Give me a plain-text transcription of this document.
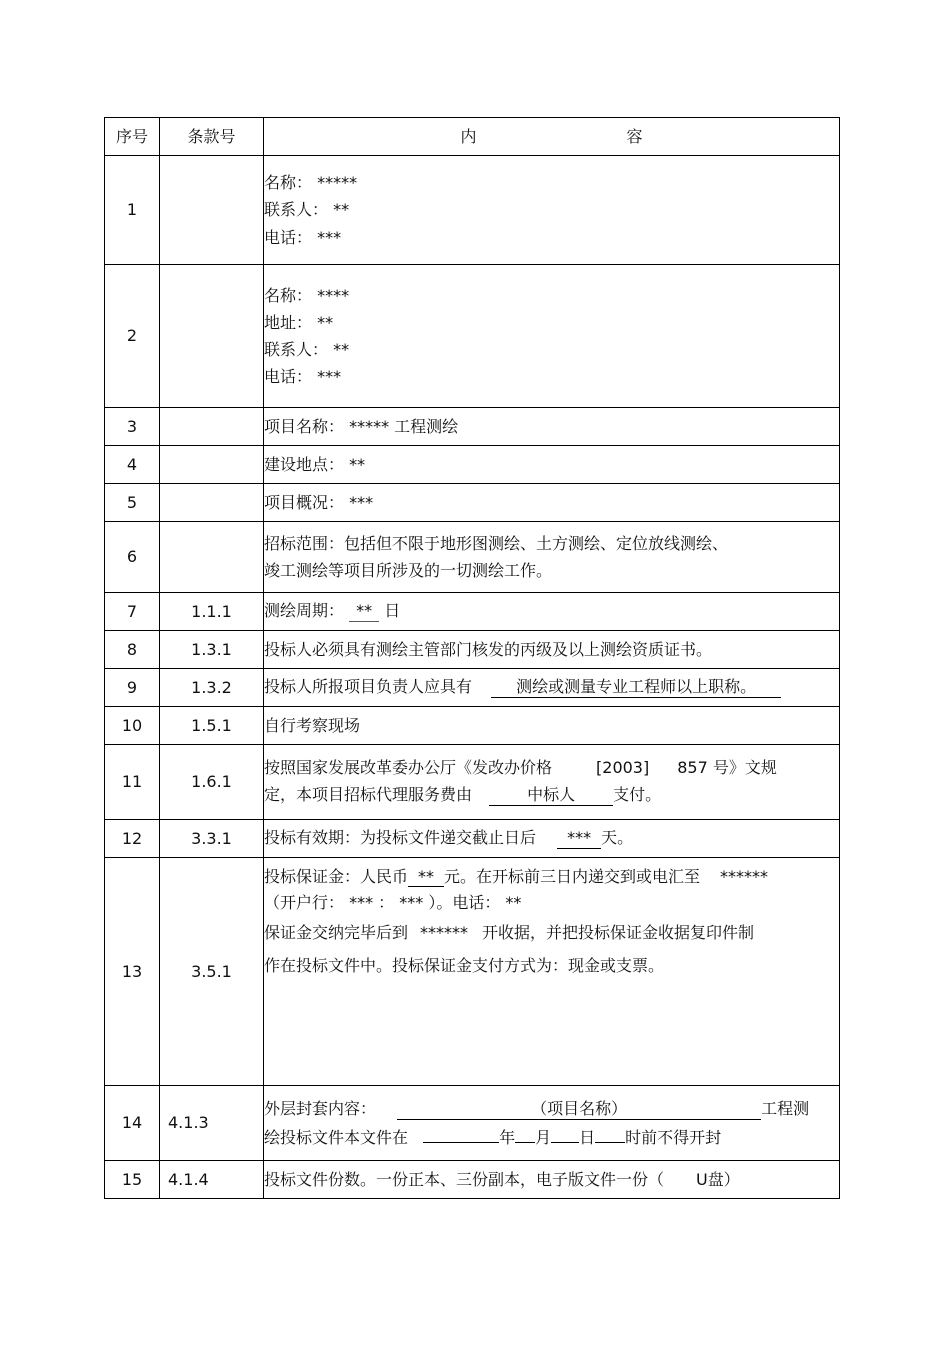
序号	条款号	内 容

1		名称： *****
联系人： **
电话： ***

2		名称： ****
地址： **
联系人： **
电话： ***

3		项目名称： ***** 工程测绘
4		建设地点： **
5		项目概况： ***
6		招标范围：包括但不限于地形图测绘、土方测绘、定位放线测绘、
竣工测绘等项目所涉及的一切测绘工作。

7	1.1.1	测绘周期： ** 日
8	1.3.1	投标人必须具有测绘主管部门核发的丙级及以上测绘资质证书。
9	1.3.2	投标人所报项目负责人应具有 测绘或测量专业工程师以上职称。
10	1.5.1	自行考察现场
11	1.6.1	按照国家发展改革委办公厅《发改办价格 [2003] 857 号》文规
定，本项目招标代理服务费由 中标人 支付。

12	3.3.1	投标有效期：为投标文件递交截止日后 *** 天。
13	3.5.1	投标保证金：人民币 ** 元。在开标前三日内递交到或电汇至 ******
（开户行： *** ： *** ）。电话： **
保证金交纳完毕后到 ****** 开收据，并把投标保证金收据复印件制
作在投标文件中。投标保证金支付方式为：现金或支票。

14	4.1.3	外层封套内容： （项目名称） 工程测
绘投标文件本文件在 年 月 日 时前不得开封

15	4.1.4	投标文件份数。一份正本、三份副本，电子版文件一份（ U盘）
